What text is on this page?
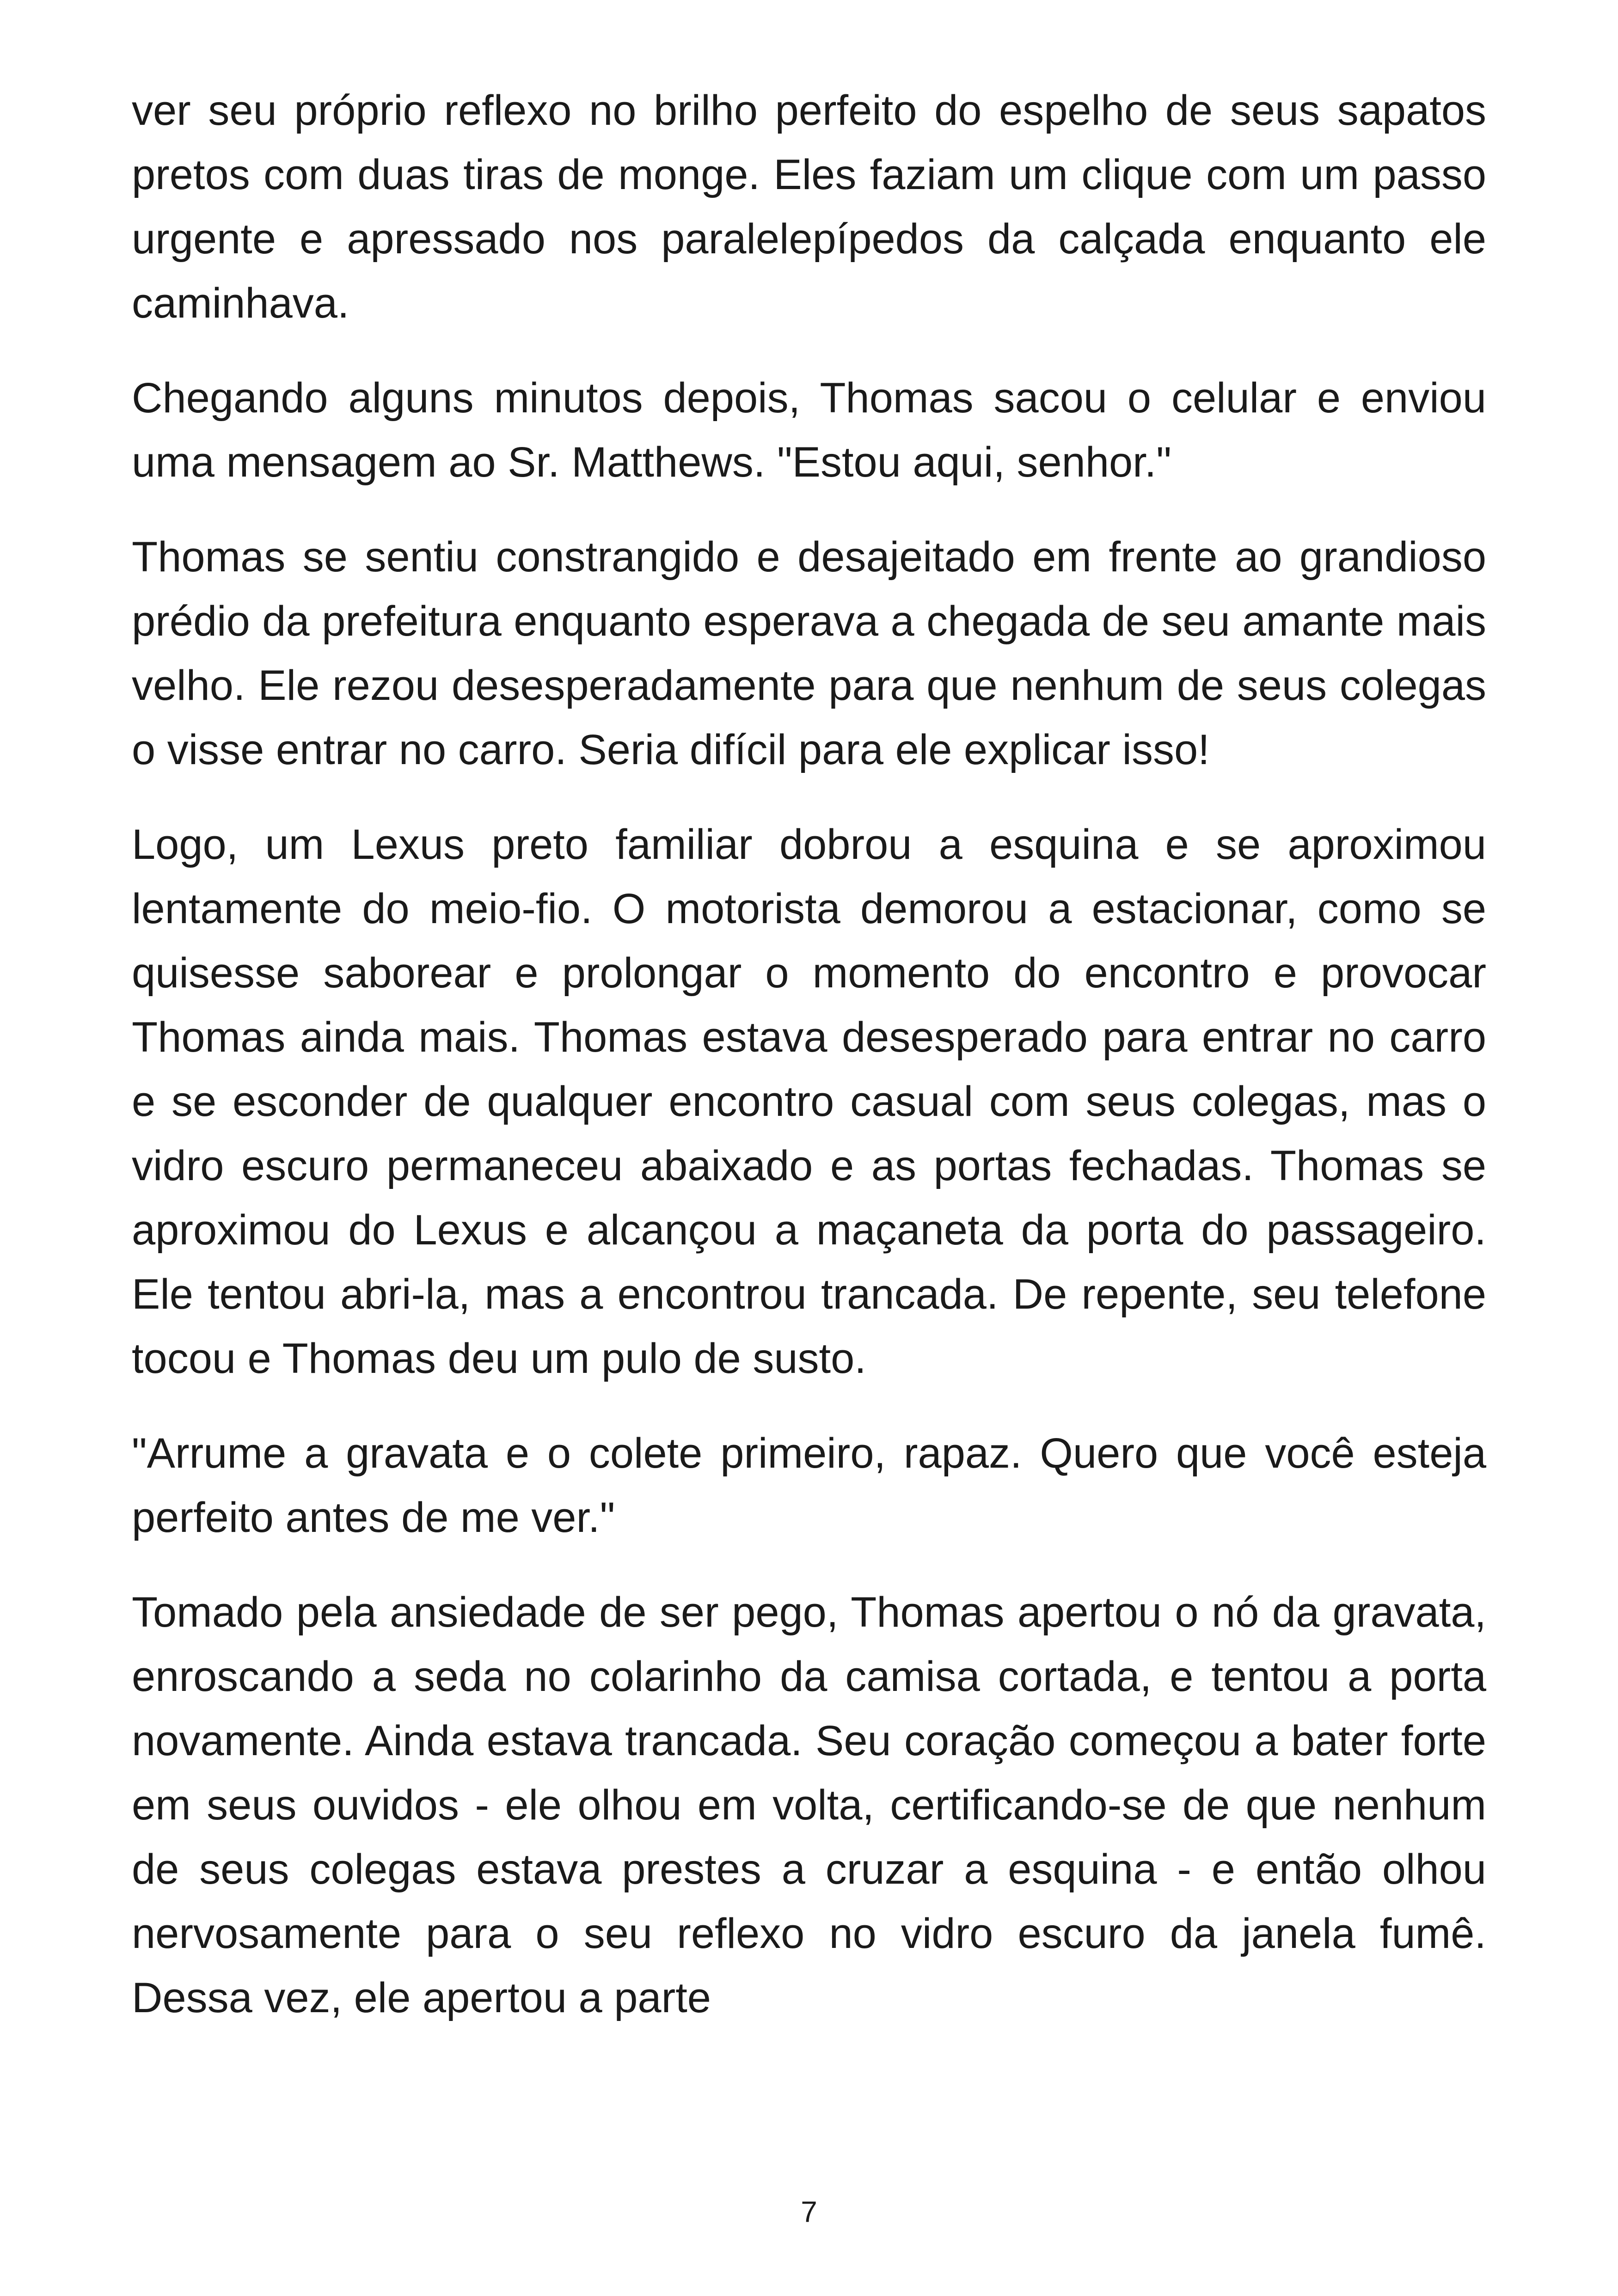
ver seu próprio reflexo no brilho perfeito do espelho de seus sapatos pretos com duas tiras de monge. Eles faziam um clique com um passo urgente e apressado nos paralelepípedos da calçada enquanto ele caminhava.

Chegando alguns minutos depois, Thomas sacou o celular e enviou uma mensagem ao Sr. Matthews. "Estou aqui, senhor."

Thomas se sentiu constrangido e desajeitado em frente ao grandioso prédio da prefeitura enquanto esperava a chegada de seu amante mais velho. Ele rezou desesperadamente para que nenhum de seus colegas o visse entrar no carro. Seria difícil para ele explicar isso!

Logo, um Lexus preto familiar dobrou a esquina e se aproximou lentamente do meio-fio. O motorista demorou a estacionar, como se quisesse saborear e prolongar o momento do encontro e provocar Thomas ainda mais. Thomas estava desesperado para entrar no carro e se esconder de qualquer encontro casual com seus colegas, mas o vidro escuro permaneceu abaixado e as portas fechadas. Thomas se aproximou do Lexus e alcançou a maçaneta da porta do passageiro. Ele tentou abri-la, mas a encontrou trancada. De repente, seu telefone tocou e Thomas deu um pulo de susto.

"Arrume a gravata e o colete primeiro, rapaz. Quero que você esteja perfeito antes de me ver."

Tomado pela ansiedade de ser pego, Thomas apertou o nó da gravata, enroscando a seda no colarinho da camisa cortada, e tentou a porta novamente. Ainda estava trancada. Seu coração começou a bater forte em seus ouvidos - ele olhou em volta, certificando-se de que nenhum de seus colegas estava prestes a cruzar a esquina - e então olhou nervosamente para o seu reflexo no vidro escuro da janela fumê. Dessa vez, ele apertou a parte

7
